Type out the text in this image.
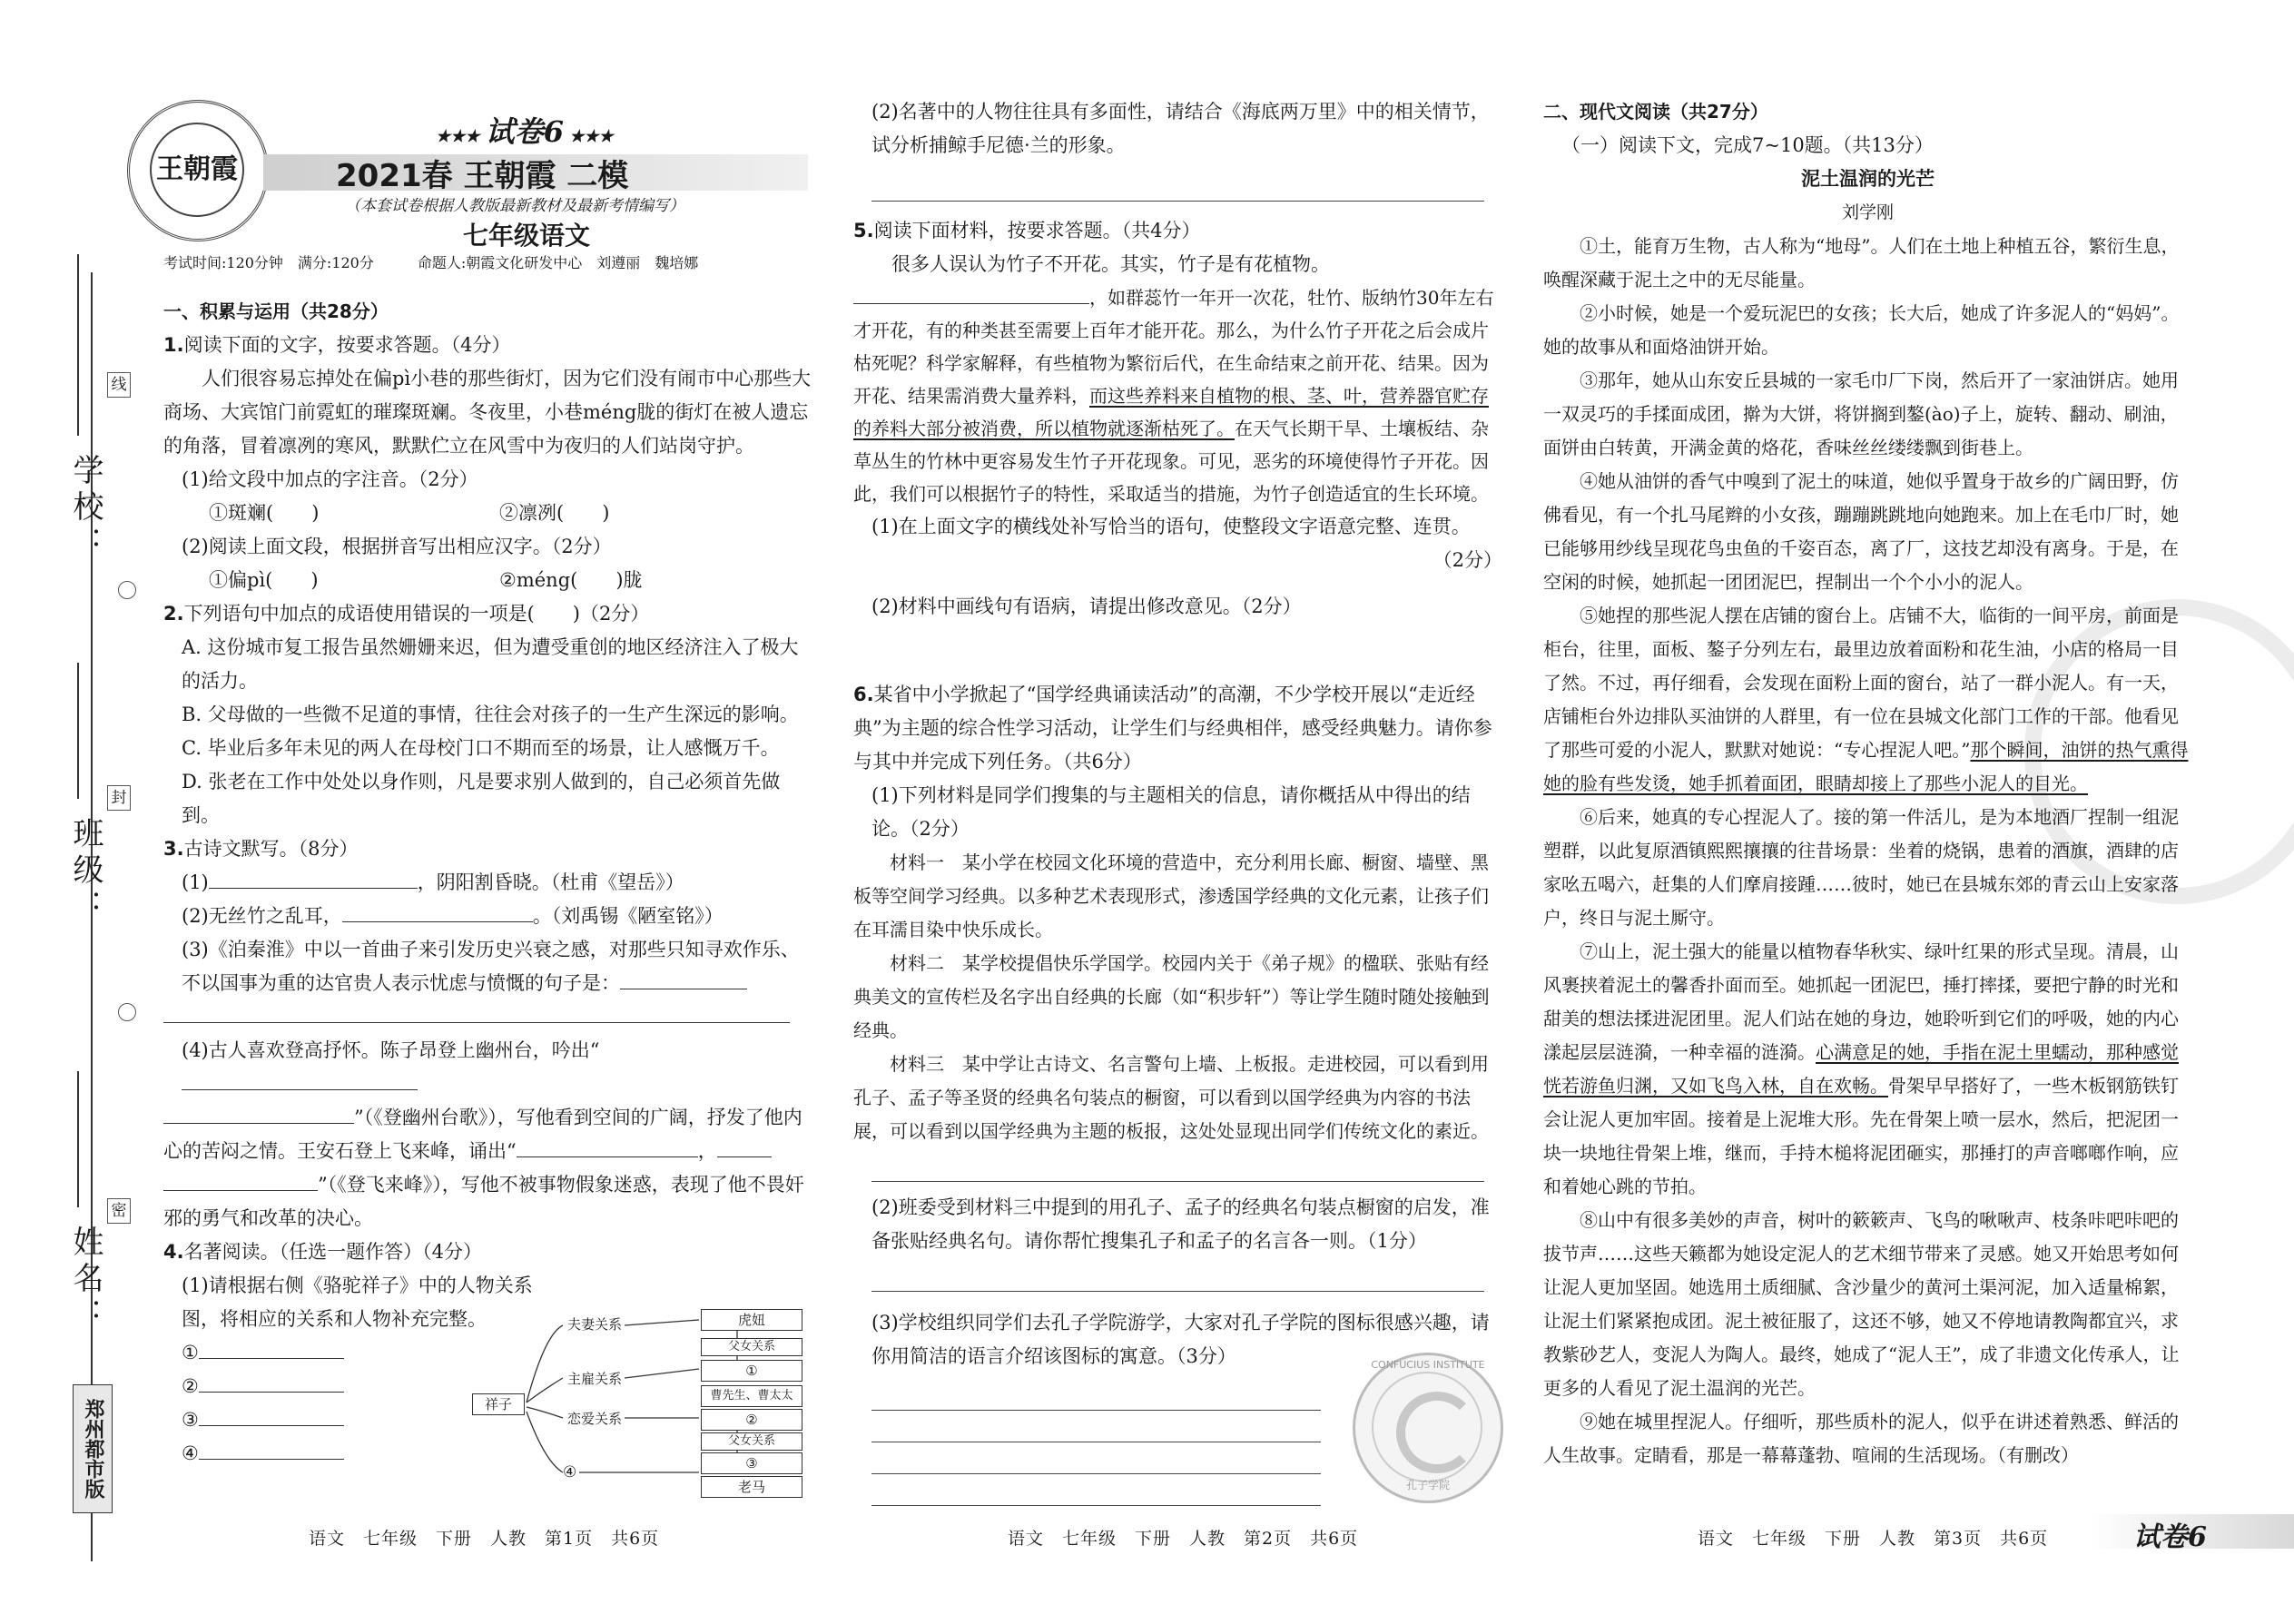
学校：
班级：
姓名：
线
封
密
郑州都市版
王朝霞
★★★ 试卷6 ★★★
2021春 王朝霞 二模
（本套试卷根据人教版最新教材及最新考情编写）
七年级语文
考试时间:120分钟　满分:120分　　　命题人:朝霞文化研发中心　刘遵丽　魏培娜

一、积累与运用（共28分）

1.阅读下面的文字，按要求答题。（4分）

人们很容易忘掉处在偏pì小巷的那些街灯，因为它们没有闹市中心那些大商场、大宾馆门前霓虹的璀璨斑斓。冬夜里，小巷méng胧的街灯在被人遗忘的角落，冒着凛冽的寒风，默默伫立在风雪中为夜归的人们站岗守护。

(1)给文段中加点的字注音。（2分）

①斑斓(　　)	②凛冽(　　)

(2)阅读上面文段，根据拼音写出相应汉字。（2分）

①偏pì(　　)	②méng(　　)胧

2.下列语句中加点的成语使用错误的一项是(　　)（2分）

A. 这份城市复工报告虽然姗姗来迟，但为遭受重创的地区经济注入了极大的活力。

B. 父母做的一些微不足道的事情，往往会对孩子的一生产生深远的影响。

C. 毕业后多年未见的两人在母校门口不期而至的场景，让人感慨万千。

D. 张老在工作中处处以身作则，凡是要求别人做到的，自己必须首先做到。

3.古诗文默写。（8分）

(1)	，阴阳割昏晓。（杜甫《望岳》）

(2)无丝竹之乱耳，	。（刘禹锡《陋室铭》）

(3)《泊秦淮》中以一首曲子来引发历史兴衰之感，对那些只知寻欢作乐、不以国事为重的达官贵人表示忧虑与愤慨的句子是：

(4)古人喜欢登高抒怀。陈子昂登上幽州台，吟出“

”（《登幽州台歌》），写他看到空间的广阔，抒发了他内心的苦闷之情。王安石登上飞来峰，诵出“	，

”（《登飞来峰》），写他不被事物假象迷惑，表现了他不畏奸邪的勇气和改革的决心。

4.名著阅读。（任选一题作答）（4分）

(1)请根据右侧《骆驼祥子》中的人物关系图，将相应的关系和人物补充完整。

①

②

③

④

祥子
夫妻关系
主雇关系
恋爱关系
④
虎妞
父女关系
①
曹先生、曹太太
②
父女关系
③
老马
语文　七年级　下册　人教　第1页　共6页

(2)名著中的人物往往具有多面性，请结合《海底两万里》中的相关情节，试分析捕鲸手尼德·兰的形象。

5.阅读下面材料，按要求答题。（共4分）

很多人误认为竹子不开花。其实，竹子是有花植物。

，如群蕊竹一年开一次花，牡竹、版纳竹30年左右才开花，有的种类甚至需要上百年才能开花。那么，为什么竹子开花之后会成片枯死呢？科学家解释，有些植物为繁衍后代，在生命结束之前开花、结果。因为开花、结果需消费大量养料，而这些养料来自植物的根、茎、叶，营养器官贮存的养料大部分被消费，所以植物就逐渐枯死了。在天气长期干旱、土壤板结、杂草丛生的竹林中更容易发生竹子开花现象。可见，恶劣的环境使得竹子开花。因此，我们可以根据竹子的特性，采取适当的措施，为竹子创造适宜的生长环境。

(1)在上面文字的横线处补写恰当的语句，使整段文字语意完整、连贯。

（2分）

(2)材料中画线句有语病，请提出修改意见。（2分）

6.某省中小学掀起了“国学经典诵读活动”的高潮，不少学校开展以“走近经典”为主题的综合性学习活动，让学生们与经典相伴，感受经典魅力。请你参与其中并完成下列任务。（共6分）

(1)下列材料是同学们搜集的与主题相关的信息，请你概括从中得出的结论。（2分）

材料一　某小学在校园文化环境的营造中，充分利用长廊、橱窗、墙壁、黑板等空间学习经典。以多种艺术表现形式，渗透国学经典的文化元素，让孩子们在耳濡目染中快乐成长。

材料二　某学校提倡快乐学国学。校园内关于《弟子规》的楹联、张贴有经典美文的宣传栏及名字出自经典的长廊（如“积步轩”）等让学生随时随处接触到经典。

材料三　某中学让古诗文、名言警句上墙、上板报。走进校园，可以看到用孔子、孟子等圣贤的经典名句装点的橱窗，可以看到以国学经典为内容的书法展，可以看到以国学经典为主题的板报，这处处显现出同学们传统文化的素近。

(2)班委受到材料三中提到的用孔子、孟子的经典名句装点橱窗的启发，准备张贴经典名句。请你帮忙搜集孔子和孟子的名言各一则。（1分）

(3)学校组织同学们去孔子学院游学，大家对孔子学院的图标很感兴趣，请你用简洁的语言介绍该图标的寓意。（3分）	CONFUCIUS INSTITUTE
孔子学院
语文　七年级　下册　人教　第2页　共6页

二、现代文阅读（共27分）

（一）阅读下文，完成7~10题。（共13分）

泥土温润的光芒

刘学刚

①土，能育万生物，古人称为“地母”。人们在土地上种植五谷，繁衍生息，唤醒深藏于泥土之中的无尽能量。

②小时候，她是一个爱玩泥巴的女孩；长大后，她成了许多泥人的“妈妈”。她的故事从和面烙油饼开始。

③那年，她从山东安丘县城的一家毛巾厂下岗，然后开了一家油饼店。她用一双灵巧的手揉面成团，擀为大饼，将饼搁到鏊(ào)子上，旋转、翻动、刷油，面饼由白转黄，开满金黄的烙花，香味丝丝缕缕飘到街巷上。

④她从油饼的香气中嗅到了泥土的味道，她似乎置身于故乡的广阔田野，仿佛看见，有一个扎马尾辫的小女孩，蹦蹦跳跳地向她跑来。加上在毛巾厂时，她已能够用纱线呈现花鸟虫鱼的千姿百态，离了厂，这技艺却没有离身。于是，在空闲的时候，她抓起一团团泥巴，捏制出一个个小小的泥人。

⑤她捏的那些泥人摆在店铺的窗台上。店铺不大，临街的一间平房，前面是柜台，往里，面板、鏊子分列左右，最里边放着面粉和花生油，小店的格局一目了然。不过，再仔细看，会发现在面粉上面的窗台，站了一群小泥人。有一天，店铺柜台外边排队买油饼的人群里，有一位在县城文化部门工作的干部。他看见了那些可爱的小泥人，默默对她说：“专心捏泥人吧。”那个瞬间，油饼的热气熏得她的脸有些发烫，她手抓着面团，眼睛却接上了那些小泥人的目光。

⑥后来，她真的专心捏泥人了。接的第一件活儿，是为本地酒厂捏制一组泥塑群，以此复原酒镇熙熙攘攘的往昔场景：坐着的烧锅，患着的酒旗，酒肆的店家吆五喝六，赶集的人们摩肩接踵……彼时，她已在县城东郊的青云山上安家落户，终日与泥土厮守。

⑦山上，泥土强大的能量以植物春华秋实、绿叶红果的形式呈现。清晨，山风裹挟着泥土的馨香扑面而至。她抓起一团泥巴，捶打摔揉，要把宁静的时光和甜美的想法揉进泥团里。泥人们站在她的身边，她聆听到它们的呼吸，她的内心漾起层层涟漪，一种幸福的涟漪。心满意足的她，手指在泥土里蠕动，那种感觉恍若游鱼归渊，又如飞鸟入林，自在欢畅。骨架早早搭好了，一些木板钢筋铁钉会让泥人更加牢固。接着是上泥堆大形。先在骨架上喷一层水，然后，把泥团一块一块地往骨架上堆，继而，手持木槌将泥团砸实，那捶打的声音啷啷作响，应和着她心跳的节拍。

⑧山中有很多美妙的声音，树叶的簌簌声、飞鸟的啾啾声、枝条咔吧咔吧的拔节声……这些天籁都为她设定泥人的艺术细节带来了灵感。她又开始思考如何让泥人更加坚固。她选用土质细腻、含沙量少的黄河土渠河泥，加入适量棉絮，让泥土们紧紧抱成团。泥土被征服了，这还不够，她又不停地请教陶都宜兴，求教紫砂艺人，变泥人为陶人。最终，她成了“泥人王”，成了非遗文化传承人，让更多的人看见了泥土温润的光芒。

⑨她在城里捏泥人。仔细听，那些质朴的泥人，似乎在讲述着熟悉、鲜活的人生故事。定睛看，那是一幕幕蓬勃、喧闹的生活现场。（有删改）

语文　七年级　下册　人教　第3页　共6页	试卷6
